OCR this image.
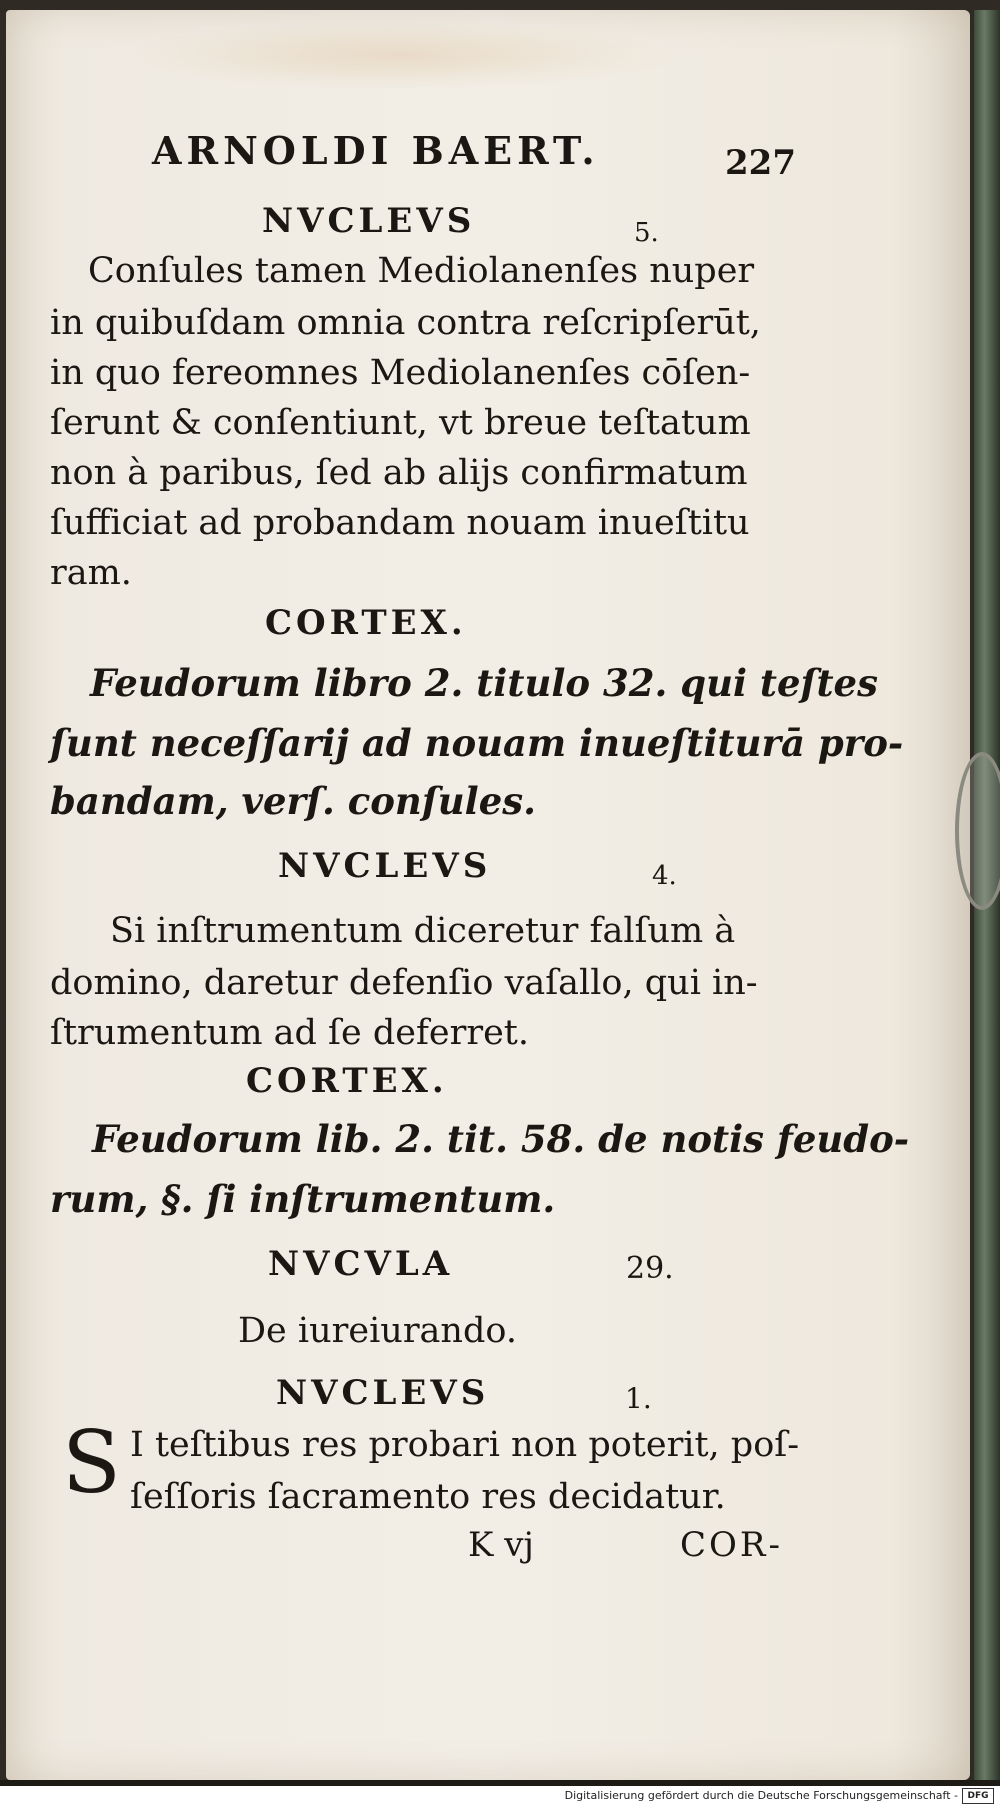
ARNOLDI BAERT.	227
NVCLEVS	5.
Conſules tamen Mediolanenſes nuper
in quibuſdam omnia contra reſcripſerūt,
in quo fereomnes Mediolanenſes cōſen-
ſerunt & conſentiunt, vt breue teſtatum
non à paribus, ſed ab alijs confirmatum
ſufficiat ad probandam nouam inueſtitu
ram.
CORTEX.
Feudorum libro 2. titulo 32. qui teſtes
ſunt neceſſarij ad nouam inueſtiturā pro-
bandam, verſ. conſules.
NVCLEVS	4.
Si inſtrumentum diceretur falſum à
domino, daretur defenſio vaſallo, qui in-
ſtrumentum ad ſe deferret.
CORTEX.
Feudorum lib. 2. tit. 58. de notis feudo-
rum, §. ſi inſtrumentum.
NVCVLA	29.
De iureiurando.
NVCLEVS	1.
S I teſtibus res probari non poterit, poſ-
ſeſſoris ſacramento res decidatur.
K vj	COR-
Digitalisierung gefördert durch die Deutsche Forschungsgemeinschaft -	DFG
